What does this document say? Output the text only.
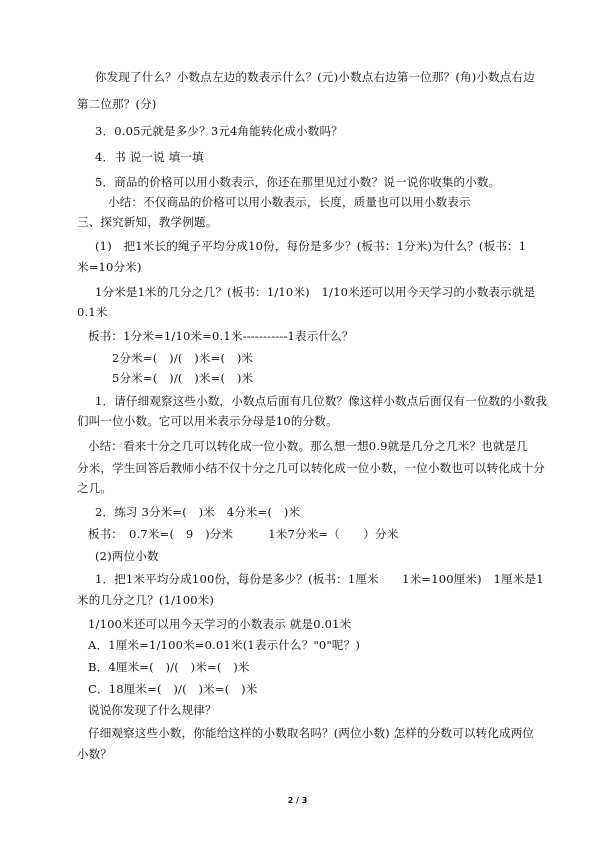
你发现了什么？小数点左边的数表示什么？(元)小数点右边第一位那？(角)小数点右边
第二位那？(分)
3．0.05元就是多少？3元4角能转化成小数吗？
4．书 说一说 填一填
5．商品的价格可以用小数表示，你还在那里见过小数？说一说你收集的小数。
小结：不仅商品的价格可以用小数表示，长度，质量也可以用小数表示
三、探究新知，教学例题。
(1)　把1米长的绳子平均分成10份，每份是多少？(板书：1分米)为什么？(板书：1
米=10分米)
1分米是1米的几分之几？(板书：1/10米)　1/10米还可以用今天学习的小数表示就是
0.1米
板书：1分米=1/10米=0.1米-----------1表示什么？
2分米=(　)/(　)米=(　)米
5分米=(　)/(　)米=(　)米
1．请仔细观察这些小数，小数点后面有几位数？像这样小数点后面仅有一位数的小数我
们叫一位小数。它可以用米表示分母是10的分数。
小结：看来十分之几可以转化成一位小数。那么想一想0.9就是几分之几米？也就是几
分米，学生回答后教师小结不仅十分之几可以转化成一位小数，一位小数也可以转化成十分
之几。
2．练习 3分米=(　)米　4分米=(　)米
板书：　0.7米=(　9　)分米　　　1米7分米=（　　）分米
(2)两位小数
1．把1米平均分成100份，每份是多少？(板书：1厘米　　1米=100厘米)　1厘米是1
米的几分之几？(1/100米)
1/100米还可以用今天学习的小数表示 就是0.01米
A．1厘米=1/100米=0.01米(1表示什么？"0"呢？)
B．4厘米=(　)/(　)米=(　)米
C．18厘米=(　)/(　)米=(　)米
说说你发现了什么规律？
仔细观察这些小数，你能给这样的小数取名吗？(两位小数) 怎样的分数可以转化成两位
小数？
2 / 3
